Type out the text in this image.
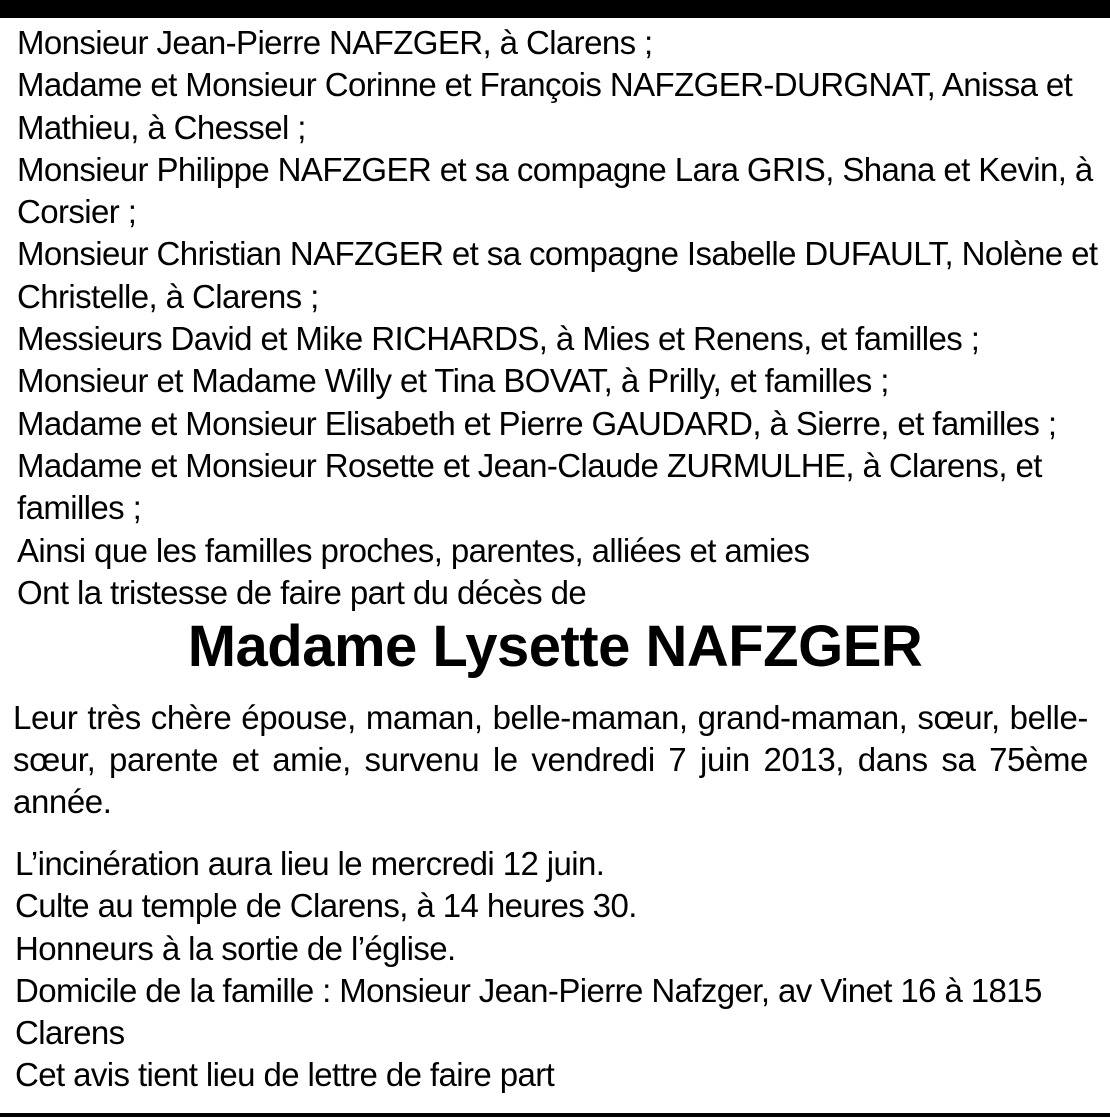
Monsieur Jean-Pierre NAFZGER, à Clarens ;
Madame et Monsieur Corinne et François NAFZGER-DURGNAT, Anissa et
Mathieu, à Chessel ;
Monsieur Philippe NAFZGER et sa compagne Lara GRIS, Shana et Kevin, à
Corsier ;
Monsieur Christian NAFZGER et sa compagne Isabelle DUFAULT, Nolène et
Christelle, à Clarens ;
Messieurs David et Mike RICHARDS, à Mies et Renens, et familles ;
Monsieur et Madame Willy et Tina BOVAT, à Prilly, et familles ;
Madame et Monsieur Elisabeth et Pierre GAUDARD, à Sierre, et familles ;
Madame et Monsieur Rosette et Jean-Claude ZURMULHE, à Clarens, et
familles ;
Ainsi que les familles proches, parentes, alliées et amies
Ont la tristesse de faire part du décès de
Madame Lysette NAFZGER
Leur très chère épouse, maman, belle-maman, grand-maman, sœur, belle-sœur, parente et amie, survenu le vendredi 7 juin 2013, dans sa 75ème année.
L’incinération aura lieu le mercredi 12 juin.
Culte au temple de Clarens, à 14 heures 30.
Honneurs à la sortie de l’église.
Domicile de la famille : Monsieur Jean-Pierre Nafzger, av Vinet 16 à 1815
Clarens
Cet avis tient lieu de lettre de faire part
